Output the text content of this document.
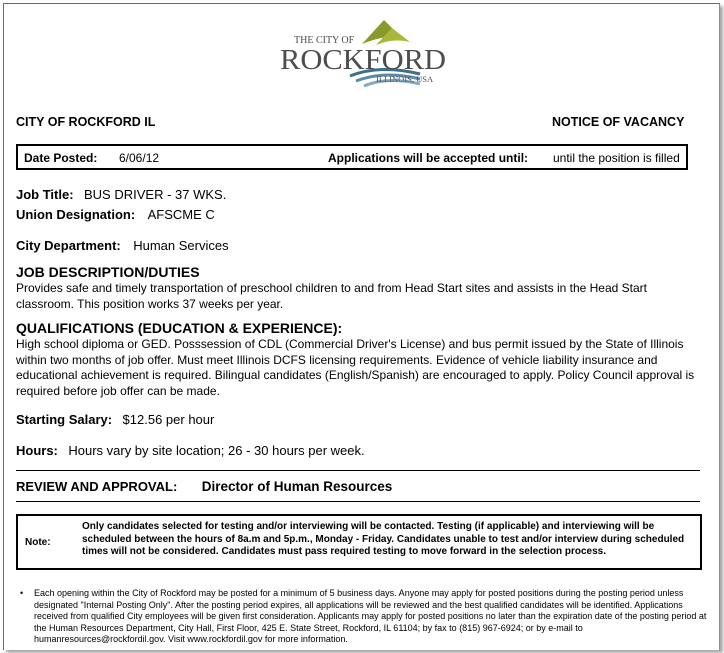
THE CITY OF
ROCKFORD
ILLINOIS, USA
CITY OF ROCKFORD IL	NOTICE OF VACANCY
Date Posted: 6/06/12	Applications will be accepted until: until the position is filled
Job Title: BUS DRIVER - 37 WKS.
Union Designation: AFSCME C
City Department: Human Services
JOB DESCRIPTION/DUTIES
Provides safe and timely transportation of preschool children to and from Head Start sites and assists in the Head Start classroom. This position works 37 weeks per year.
QUALIFICATIONS (EDUCATION & EXPERIENCE):
High school diploma or GED. Posssession of CDL (Commercial Driver's License) and bus permit issued by the State of Illinois within two months of job offer. Must meet Illinois DCFS licensing requirements. Evidence of vehicle liability insurance and educational achievement is required. Bilingual candidates (English/Spanish) are encouraged to apply. Policy Council approval is required before job offer can be made.
Starting Salary: $12.56 per hour
Hours: Hours vary by site location; 26 - 30 hours per week.
REVIEW AND APPROVAL: Director of Human Resources
Note:
Only candidates selected for testing and/or interviewing will be contacted. Testing (if applicable) and interviewing will be scheduled between the hours of 8a.m and 5p.m., Monday - Friday. Candidates unable to test and/or interview during scheduled times will not be considered. Candidates must pass required testing to move forward in the selection process.
• Each opening within the City of Rockford may be posted for a minimum of 5 business days. Anyone may apply for posted positions during the posting period unless designated "Internal Posting Only". After the posting period expires, all applications will be reviewed and the best qualified candidates will be identified. Applications received from qualified City employees will be given first consideration. Applicants may apply for posted positions no later than the expiration date of the posting period at the Human Resources Department, City Hall, First Floor, 425 E. State Street, Rockford, IL 61104; by fax to (815) 967-6924; or by e-mail to humanresources@rockfordil.gov. Visit www.rockfordil.gov for more information.
